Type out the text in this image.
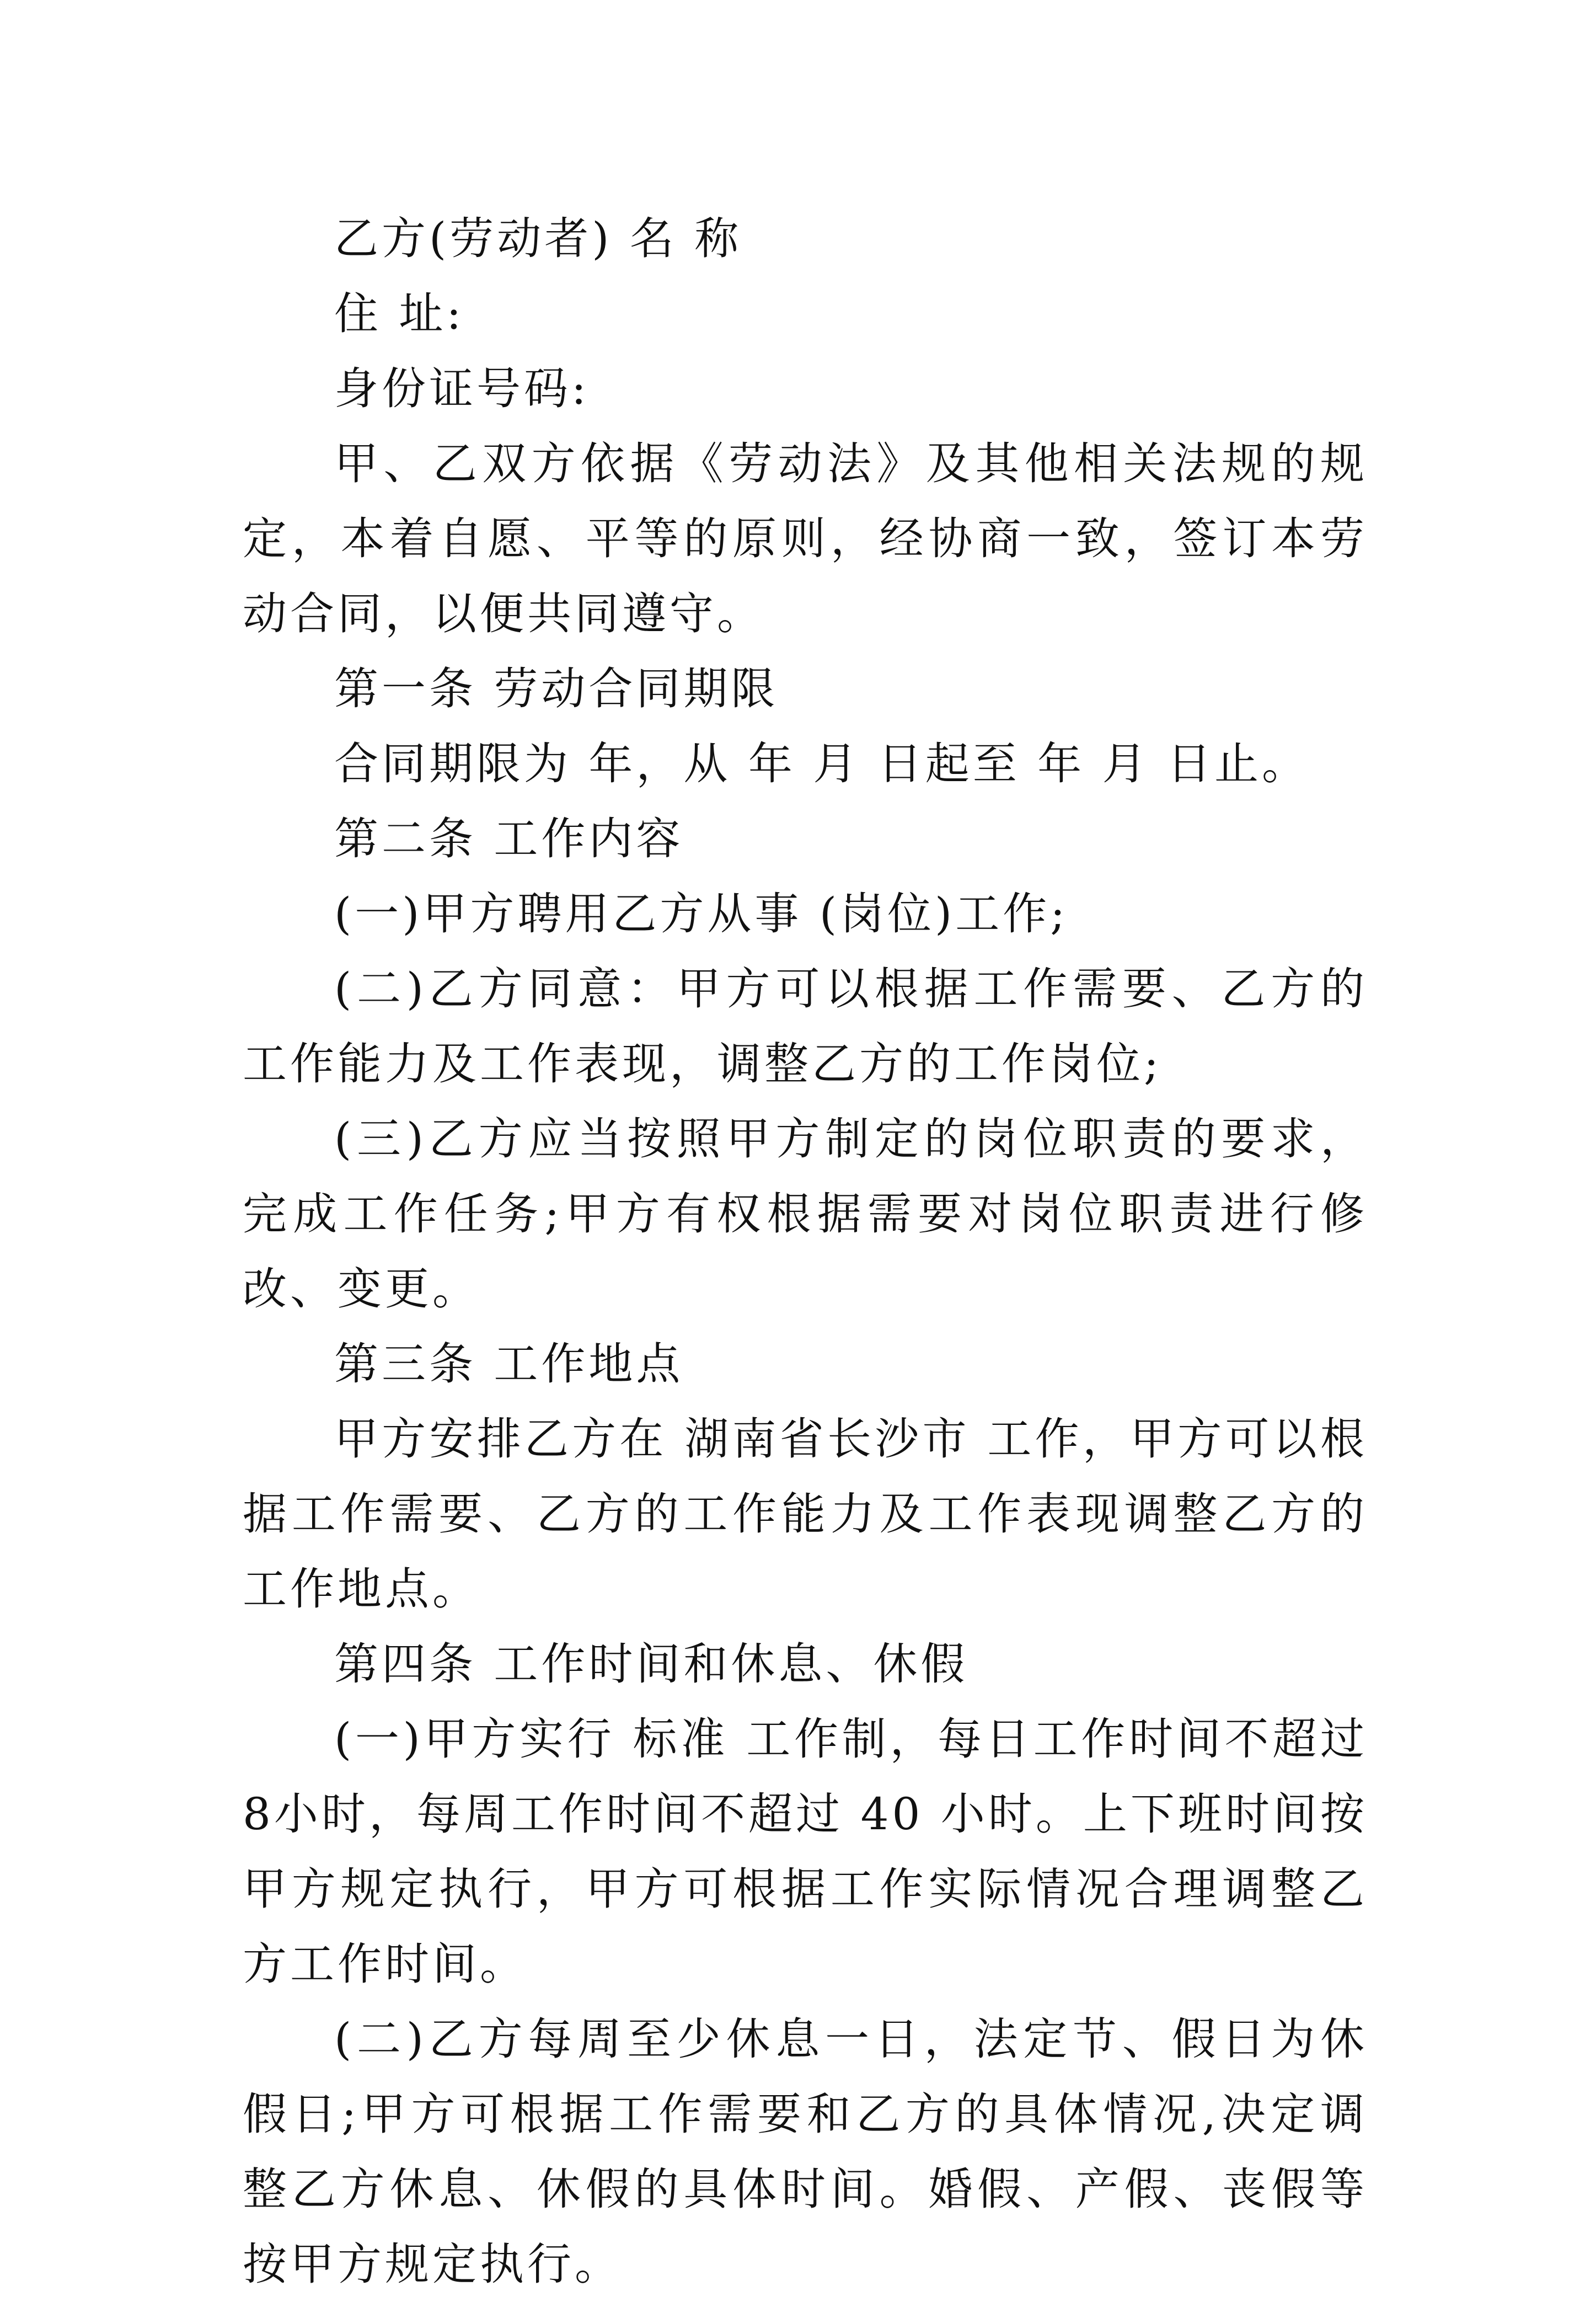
乙方(劳动者) 名 称

住 址:

身份证号码:

甲、乙双方依据《劳动法》及其他相关法规的规定，本着自愿、平等的原则，经协商一致，签订本劳动合同，以便共同遵守。

第一条 劳动合同期限

合同期限为 年，从 年 月 日起至 年 月 日止。

第二条 工作内容

(一)甲方聘用乙方从事 (岗位)工作;

(二)乙方同意：甲方可以根据工作需要、乙方的工作能力及工作表现，调整乙方的工作岗位;

(三)乙方应当按照甲方制定的岗位职责的要求，完成工作任务;甲方有权根据需要对岗位职责进行修改、变更。

第三条 工作地点

甲方安排乙方在 湖南省长沙市 工作，甲方可以根据工作需要、乙方的工作能力及工作表现调整乙方的工作地点。

第四条 工作时间和休息、休假

(一)甲方实行 标准 工作制，每日工作时间不超过 8小时，每周工作时间不超过 40 小时。上下班时间按甲方规定执行，甲方可根据工作实际情况合理调整乙方工作时间。

(二)乙方每周至少休息一日，法定节、假日为休假日;甲方可根据工作需要和乙方的具体情况,决定调整乙方休息、休假的具体时间。婚假、产假、丧假等按甲方规定执行。
